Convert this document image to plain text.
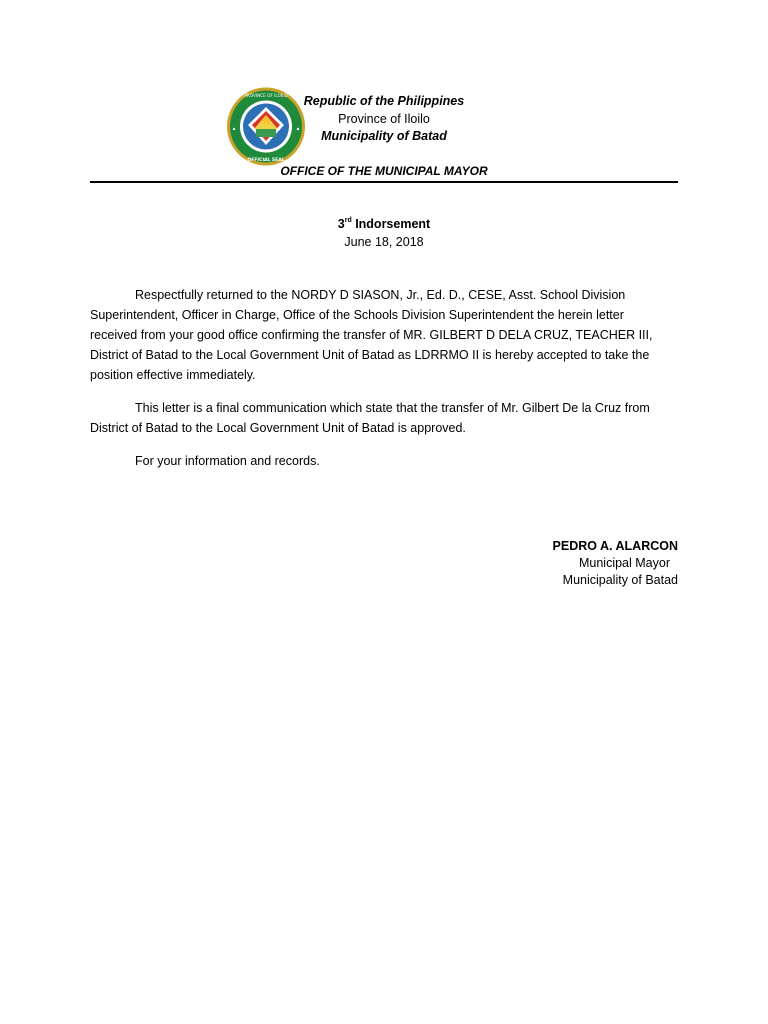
PROVINCE OF ILOILO
OFFICIAL SEAL
Republic of the Philippines
Province of Iloilo
Municipality of Batad
OFFICE OF THE MUNICIPAL MAYOR
3rd Indorsement
June 18, 2018

Respectfully returned to the NORDY D SIASON, Jr., Ed. D., CESE, Asst. School Division
Superintendent, Officer in Charge, Office of the Schools Division Superintendent the herein letter
received from your good office confirming the transfer of MR. GILBERT D DELA CRUZ, TEACHER III,
District of Batad to the Local Government Unit of Batad as LDRRMO II is hereby accepted to take the
position effective immediately.

This letter is a final communication which state that the transfer of Mr. Gilbert De la Cruz from
District of Batad to the Local Government Unit of Batad is approved.

For your information and records.

PEDRO A. ALARCON
Municipal Mayor
Municipality of Batad
